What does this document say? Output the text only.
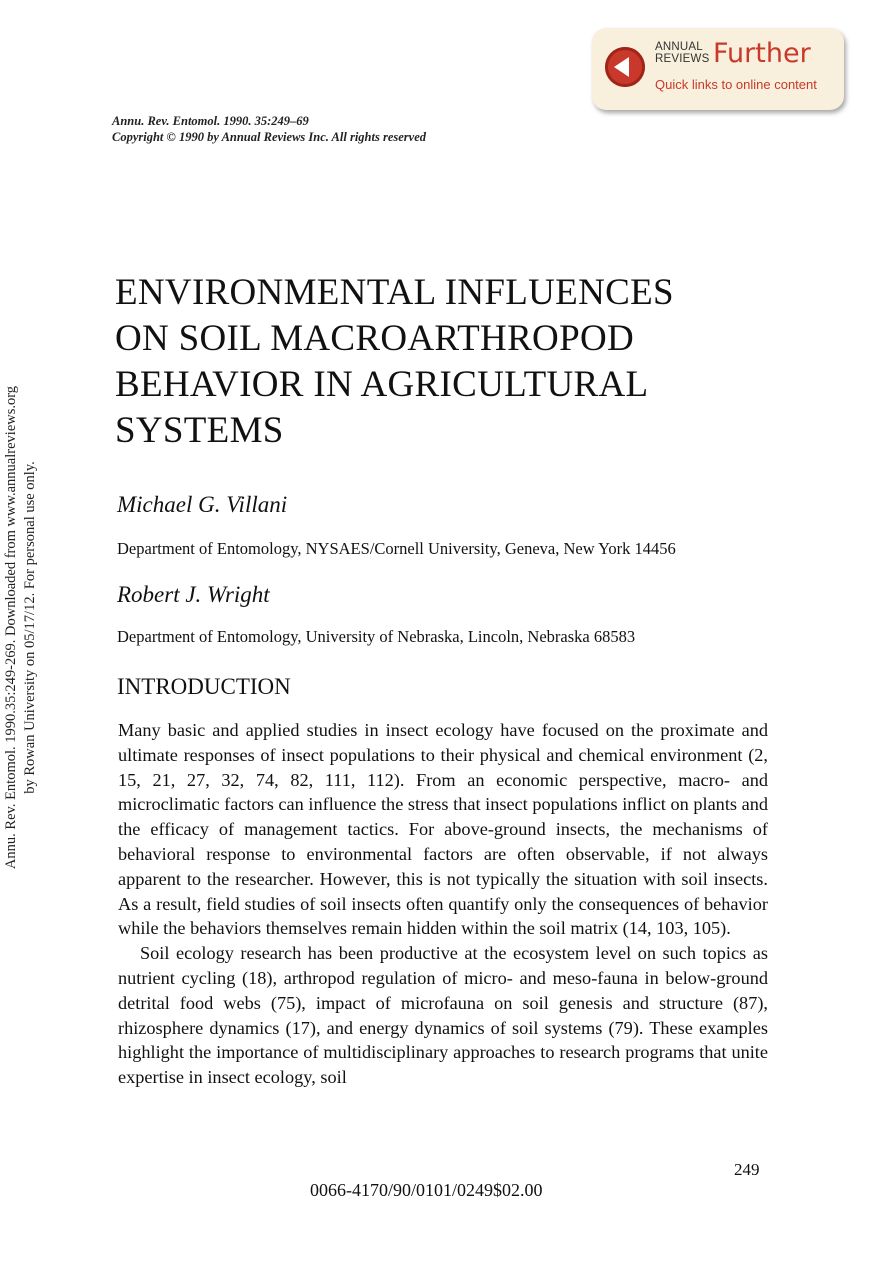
Annu. Rev. Entomol. 1990.35:249-269. Downloaded from www.annualreviews.org by Rowan University on 05/17/12. For personal use only.
ANNUAL
REVIEWS Further
Quick links to online content
Annu. Rev. Entomol. 1990. 35:249–69
Copyright © 1990 by Annual Reviews Inc. All rights reserved
ENVIRONMENTAL INFLUENCES
ON SOIL MACROARTHROPOD
BEHAVIOR IN AGRICULTURAL
SYSTEMS
Michael G. Villani
Department of Entomology, NYSAES/Cornell University, Geneva, New York 14456
Robert J. Wright
Department of Entomology, University of Nebraska, Lincoln, Nebraska 68583
INTRODUCTION

Many basic and applied studies in insect ecology have focused on the proximate and ultimate responses of insect populations to their physical and chemical environment (2, 15, 21, 27, 32, 74, 82, 111, 112). From an economic perspective, macro- and microclimatic factors can influence the stress that insect populations inflict on plants and the efficacy of management tactics. For above-ground insects, the mechanisms of behavioral response to environmental factors are often observable, if not always apparent to the researcher. However, this is not typically the situation with soil insects. As a result, field studies of soil insects often quantify only the consequences of behavior while the behaviors themselves remain hidden within the soil matrix (14, 103, 105).

Soil ecology research has been productive at the ecosystem level on such topics as nutrient cycling (18), arthropod regulation of micro- and meso-fauna in below-ground detrital food webs (75), impact of microfauna on soil genesis and structure (87), rhizosphere dynamics (17), and energy dynamics of soil systems (79). These examples highlight the importance of multidisciplinary approaches to research programs that unite expertise in insect ecology, soil

249
0066-4170/90/0101/0249$02.00
